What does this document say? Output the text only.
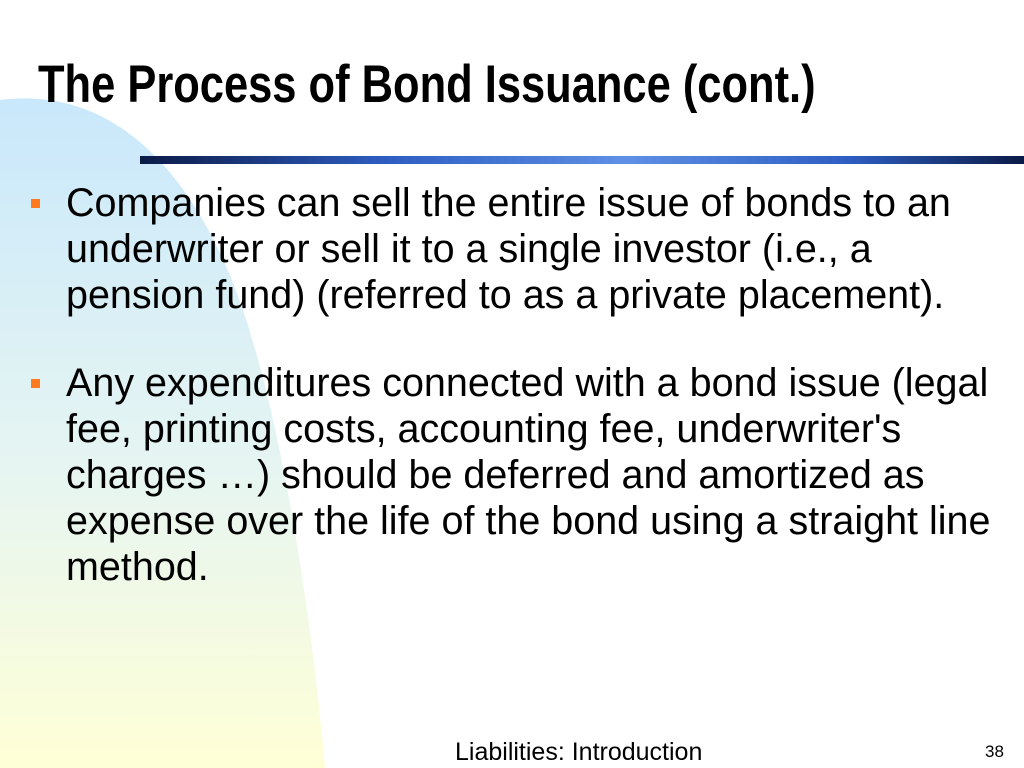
The Process of Bond Issuance (cont.)
Companies can sell the entire issue of bonds to an underwriter or sell it to a single investor (i.e., a pension fund) (referred to as a private placement).
Any expenditures connected with a bond issue (legal fee, printing costs, accounting fee, underwriter's charges …) should be deferred and amortized as expense over the life of the bond using a straight line method.
Liabilities: Introduction	38
